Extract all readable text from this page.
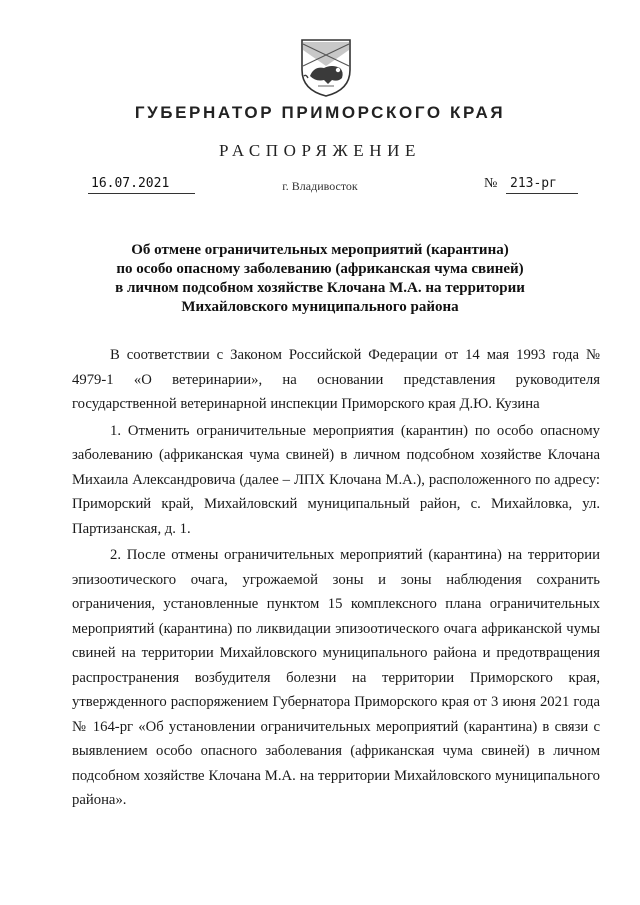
ГУБЕРНАТОР ПРИМОРСКОГО КРАЯ
РАСПОРЯЖЕНИЕ
16.07.2021	г. Владивосток	№ 213-рг
Об отмене ограничительных мероприятий (карантина)
по особо опасному заболеванию (африканская чума свиней)
в личном подсобном хозяйстве Клочана М.А. на территории
Михайловского муниципального района

В соответствии с Законом Российской Федерации от 14 мая 1993 года № 4979-1 «О ветеринарии», на основании представления руководителя государственной ветеринарной инспекции Приморского края Д.Ю. Кузина

1. Отменить ограничительные мероприятия (карантин) по особо опасному заболеванию (африканская чума свиней) в личном подсобном хозяйстве Клочана Михаила Александровича (далее – ЛПХ Клочана М.А.), расположенного по адресу: Приморский край, Михайловский муниципальный район, с. Михайловка, ул. Партизанская, д. 1.

2. После отмены ограничительных мероприятий (карантина) на территории эпизоотического очага, угрожаемой зоны и зоны наблюдения сохранить ограничения, установленные пунктом 15 комплексного плана ограничительных мероприятий (карантина) по ликвидации эпизоотического очага африканской чумы свиней на территории Михайловского муниципального района и предотвращения распространения возбудителя болезни на территории Приморского края, утвержденного распоряжением Губернатора Приморского края от 3 июня 2021 года № 164-рг «Об установлении ограничительных мероприятий (карантина) в связи с выявлением особо опасного заболевания (африканская чума свиней) в личном подсобном хозяйстве Клочана М.А. на территории Михайловского муниципального района».
